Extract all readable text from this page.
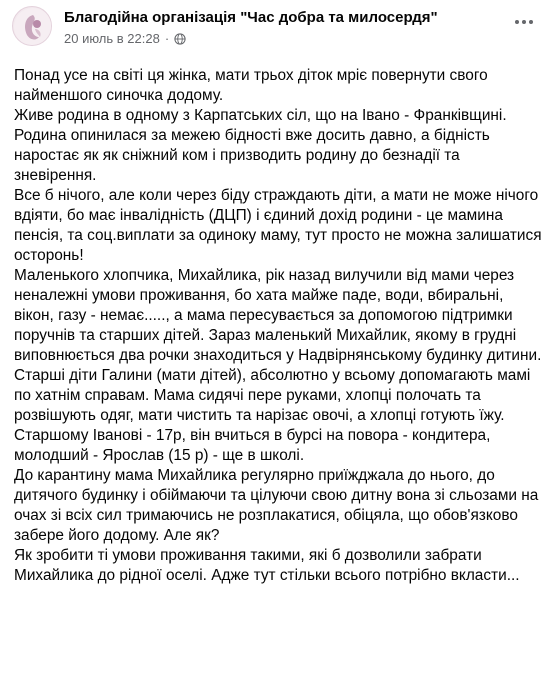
Благодійна організація "Час добра та милосердя"
20 июль в 22:28 ·

Понад усе на світі ця жінка, мати трьох діток мріє повернути свого найменшого синочка додому.

Живе родина в одному з Карпатських сіл, що на Івано - Франківщині.

Родина опинилася за межею бідності вже досить давно, а бідність наростає як як сніжний ком і призводить родину до безнадії та зневірення.

Все б нічого, але коли через біду страждають діти, а мати не може нічого вдіяти, бо має інвалідність (ДЦП) і єдиний дохід родини - це мамина пенсія, та соц.виплати за одиноку маму, тут просто не можна залишатися осторонь!

Маленького хлопчика, Михайлика, рік назад вилучили від мами через неналежні умови проживання, бо хата майже паде, води, вбиральні, вікон, газу - немає....., а мама пересувається за допомогою підтримки поручнів та старших дітей. Зараз маленький Михайлик, якому в грудні виповнюється два рочки знаходиться у Надвірнянському будинку дитини.

Старші діти Галини (мати дітей), абсолютно у всьому допомагають мамі по хатнім справам. Мама сидячі пере руками, хлопці полочать та розвішують одяг, мати чистить та нарізає овочі, а хлопці готують їжу. Старшому Іванові - 17р, він вчиться в бурсі на повора - кондитера, молодший - Ярослав (15 р) - ще в школі.

До карантину мама Михайлика регулярно приїжджала до нього, до дитячого будинку і обіймаючи та цілуючи свою дитну вона зі сльозами на очах зі всіх сил тримаючись не розплакатися, обіцяла, що обов'язково забере його додому. Але як?

Як зробити ті умови проживання такими, які б дозволили забрати Михайлика до рідної оселі. Адже тут стільки всього потрібно вкласти...
